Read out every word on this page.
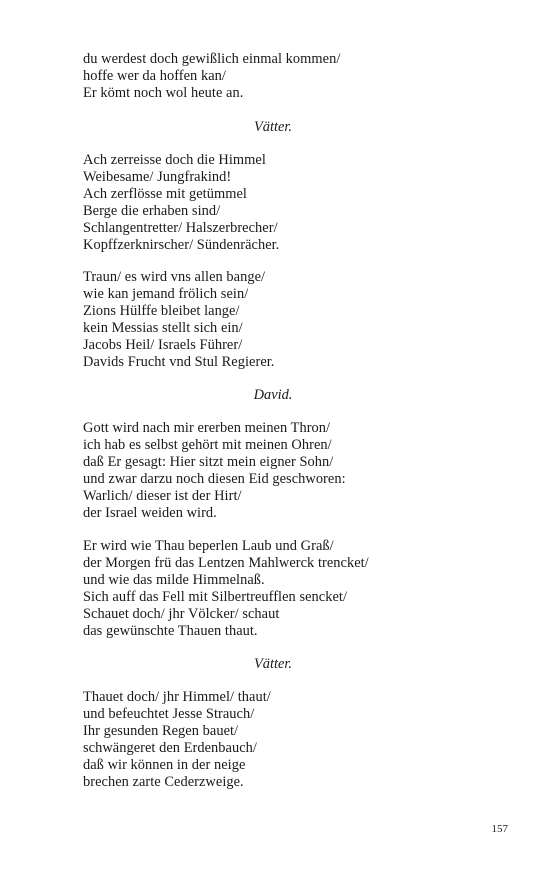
du werdest doch gewißlich einmal kommen/
hoffe wer da hoffen kan/
Er kömt noch wol heute an.
Vätter.
Ach zerreisse doch die Himmel
Weibesame/ Jungfrakind!
Ach zerflösse mit getümmel
Berge die erhaben sind/
Schlangentretter/ Halszerbrecher/
Kopffzerknirscher/ Sündenrächer.
Traun/ es wird vns allen bange/
wie kan jemand frölich sein/
Zions Hülffe bleibet lange/
kein Messias stellt sich ein/
Jacobs Heil/ Israels Führer/
Davids Frucht vnd Stul Regierer.
David.
Gott wird nach mir ererben meinen Thron/
ich hab es selbst gehört mit meinen Ohren/
daß Er gesagt: Hier sitzt mein eigner Sohn/
und zwar darzu noch diesen Eid geschworen:
Warlich/ dieser ist der Hirt/
der Israel weiden wird.
Er wird wie Thau beperlen Laub und Graß/
der Morgen frü das Lentzen Mahlwerck trencket/
und wie das milde Himmelnaß.
Sich auff das Fell mit Silbertreufflen sencket/
Schauet doch/ jhr Völcker/ schaut
das gewünschte Thauen thaut.
Vätter.
Thauet doch/ jhr Himmel/ thaut/
und befeuchtet Jesse Strauch/
Ihr gesunden Regen bauet/
schwängeret den Erdenbauch/
daß wir können in der neige
brechen zarte Cederzweige.
157
